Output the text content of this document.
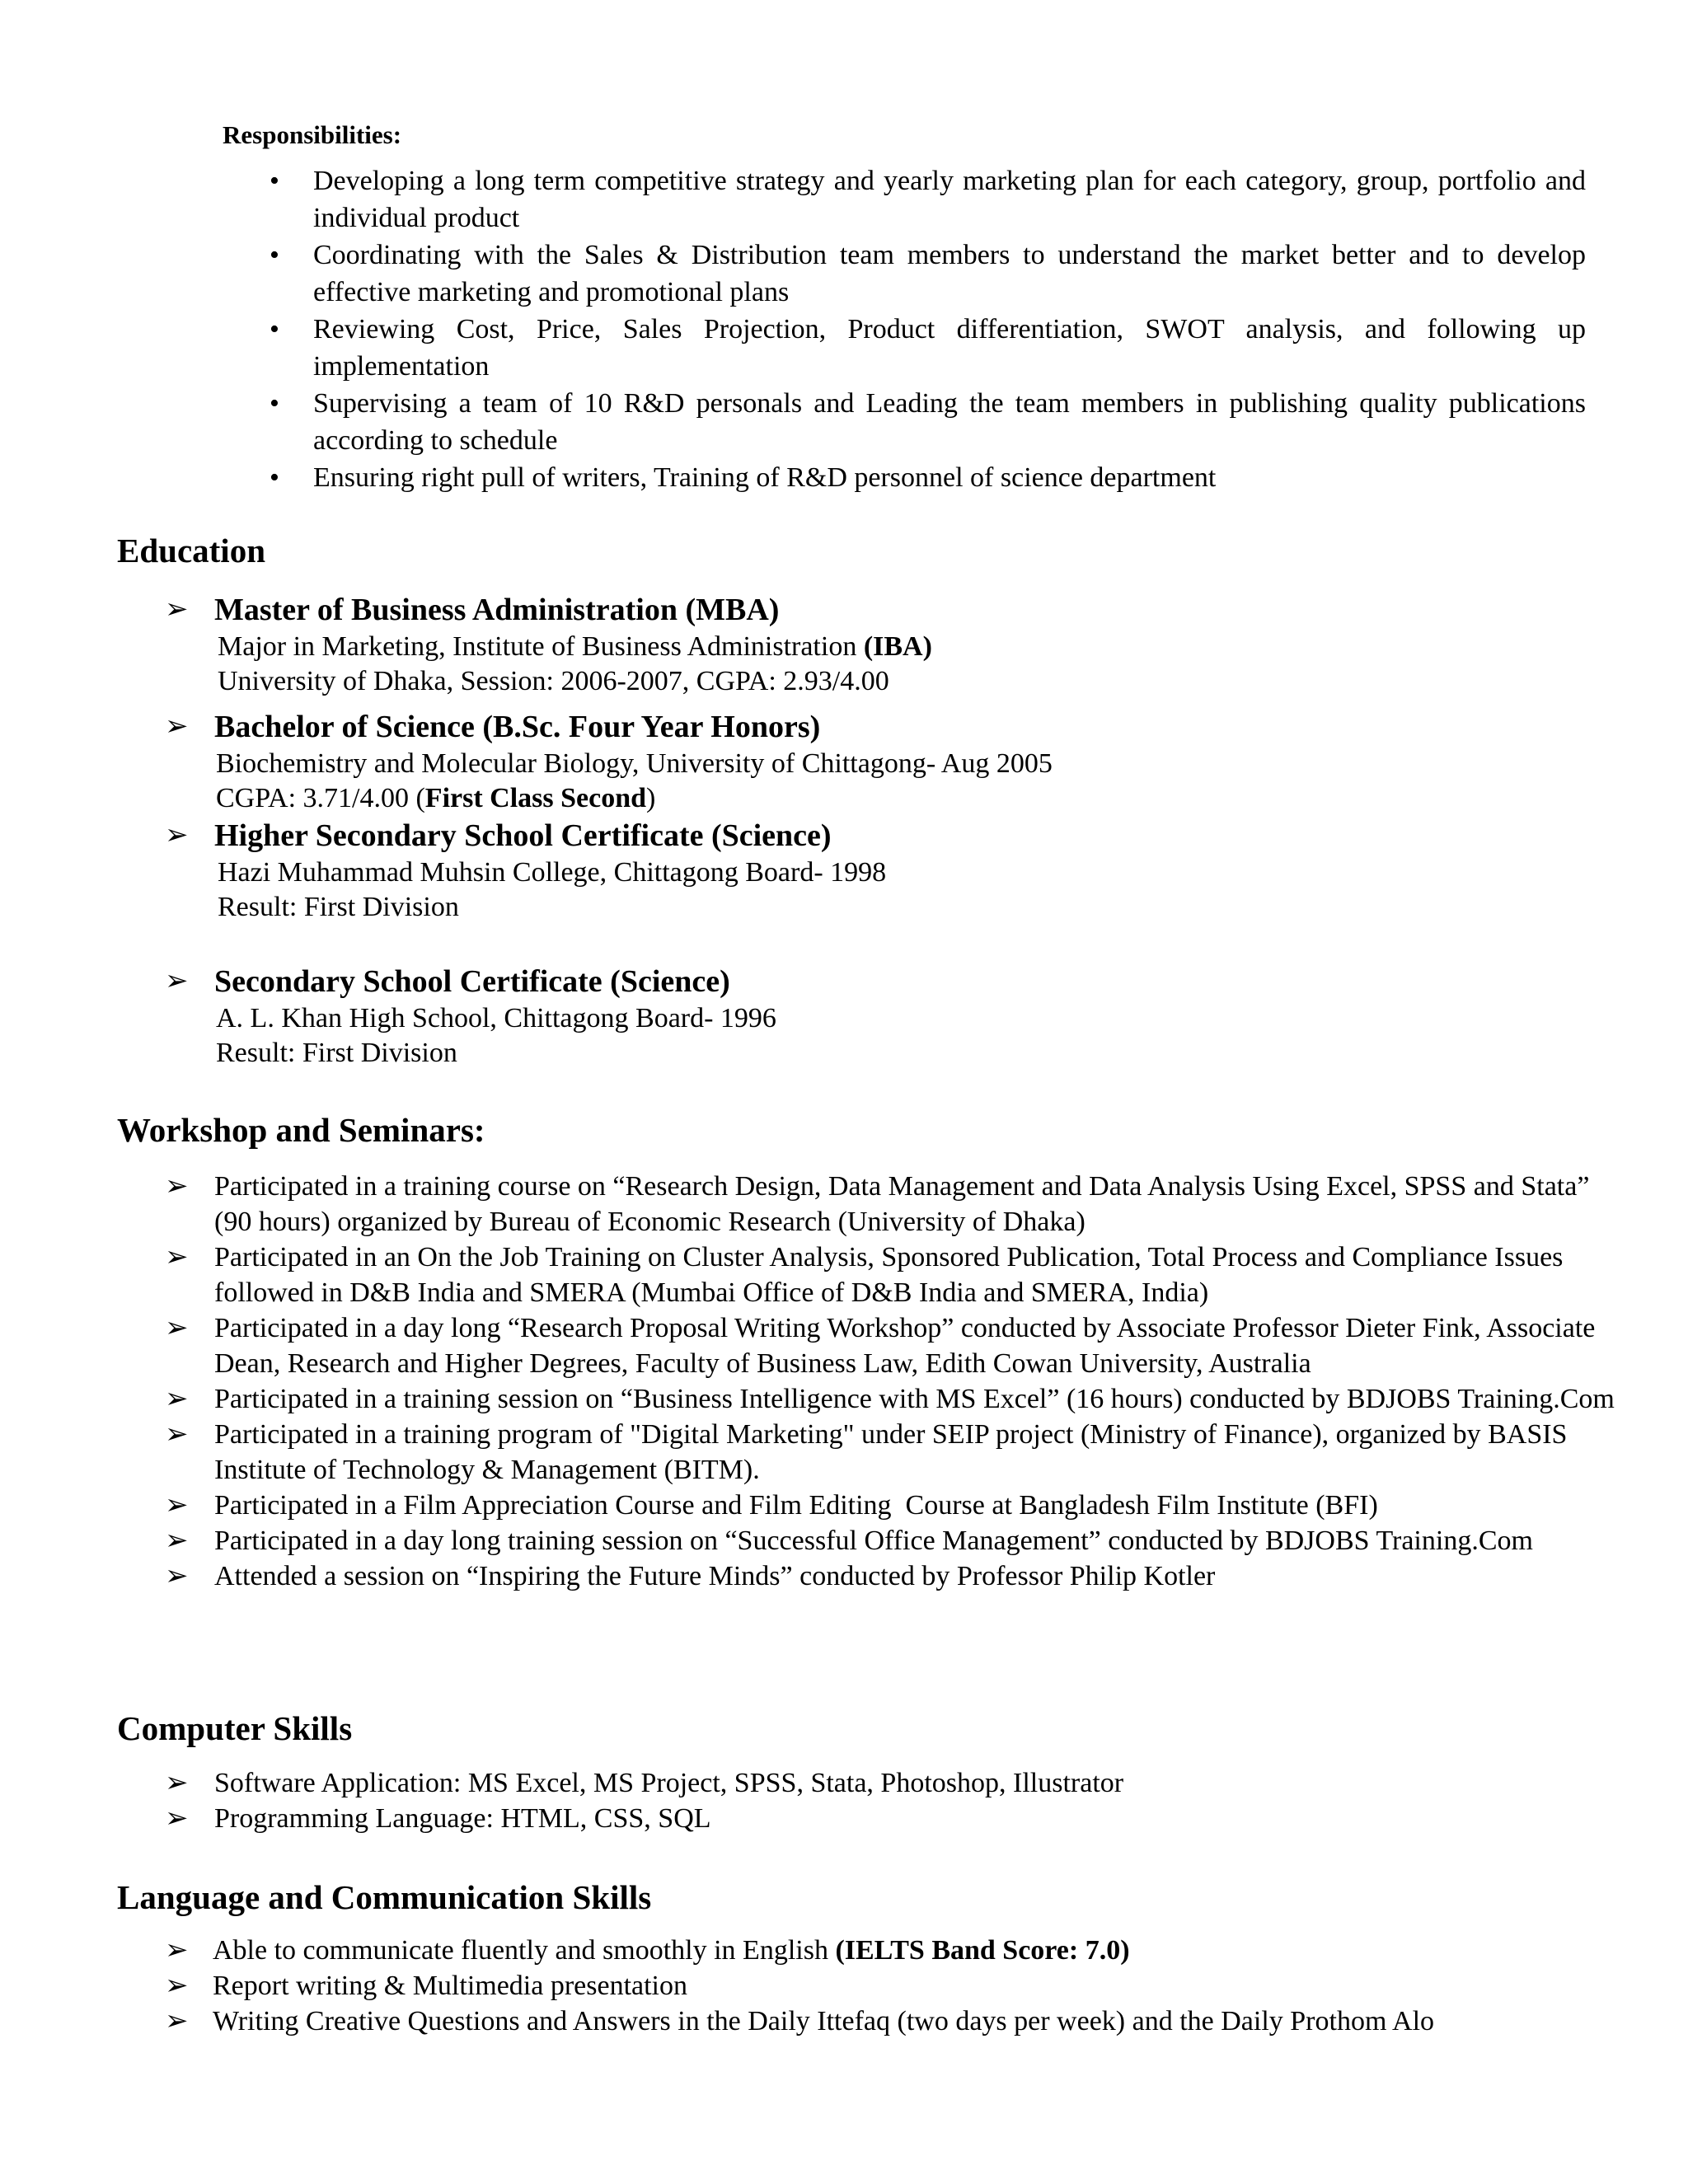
Responsibilities:

• Developing a long term competitive strategy and yearly marketing plan for each category, group, portfolio and individual product
• Coordinating with the Sales & Distribution team members to understand the market better and to develop effective marketing and promotional plans
• Reviewing Cost, Price, Sales Projection, Product differentiation, SWOT analysis, and following up implementation
• Supervising a team of 10 R&D personals and Leading the team members in publishing quality publications according to schedule
• Ensuring right pull of writers, Training of R&D personnel of science department
Education
➢ Master of Business Administration (MBA)

Major in Marketing, Institute of Business Administration (IBA)

University of Dhaka, Session: 2006-2007, CGPA: 2.93/4.00

➢ Bachelor of Science (B.Sc. Four Year Honors)

Biochemistry and Molecular Biology, University of Chittagong- Aug 2005

CGPA: 3.71/4.00 (First Class Second)

➢ Higher Secondary School Certificate (Science)

Hazi Muhammad Muhsin College, Chittagong Board- 1998

Result: First Division

➢ Secondary School Certificate (Science)

A. L. Khan High School, Chittagong Board- 1996

Result: First Division

Workshop and Seminars:
➢ Participated in a training course on “Research Design, Data Management and Data Analysis Using Excel, SPSS and Stata” (90 hours) organized by Bureau of Economic Research (University of Dhaka)
➢ Participated in an On the Job Training on Cluster Analysis, Sponsored Publication, Total Process and Compliance Issues followed in D&B India and SMERA (Mumbai Office of D&B India and SMERA, India)
➢ Participated in a day long “Research Proposal Writing Workshop” conducted by Associate Professor Dieter Fink, Associate Dean, Research and Higher Degrees, Faculty of Business Law, Edith Cowan University, Australia
➢ Participated in a training session on “Business Intelligence with MS Excel” (16 hours) conducted by BDJOBS Training.Com
➢ Participated in a training program of "Digital Marketing" under SEIP project (Ministry of Finance), organized by BASIS Institute of Technology & Management (BITM).
➢ Participated in a Film Appreciation Course and Film Editing  Course at Bangladesh Film Institute (BFI)
➢ Participated in a day long training session on “Successful Office Management” conducted by BDJOBS Training.Com
➢ Attended a session on “Inspiring the Future Minds” conducted by Professor Philip Kotler
Computer Skills
➢ Software Application: MS Excel, MS Project, SPSS, Stata, Photoshop, Illustrator
➢ Programming Language: HTML, CSS, SQL
Language and Communication Skills
➢ Able to communicate fluently and smoothly in English (IELTS Band Score: 7.0)
➢ Report writing & Multimedia presentation
➢ Writing Creative Questions and Answers in the Daily Ittefaq (two days per week) and the Daily Prothom Alo
